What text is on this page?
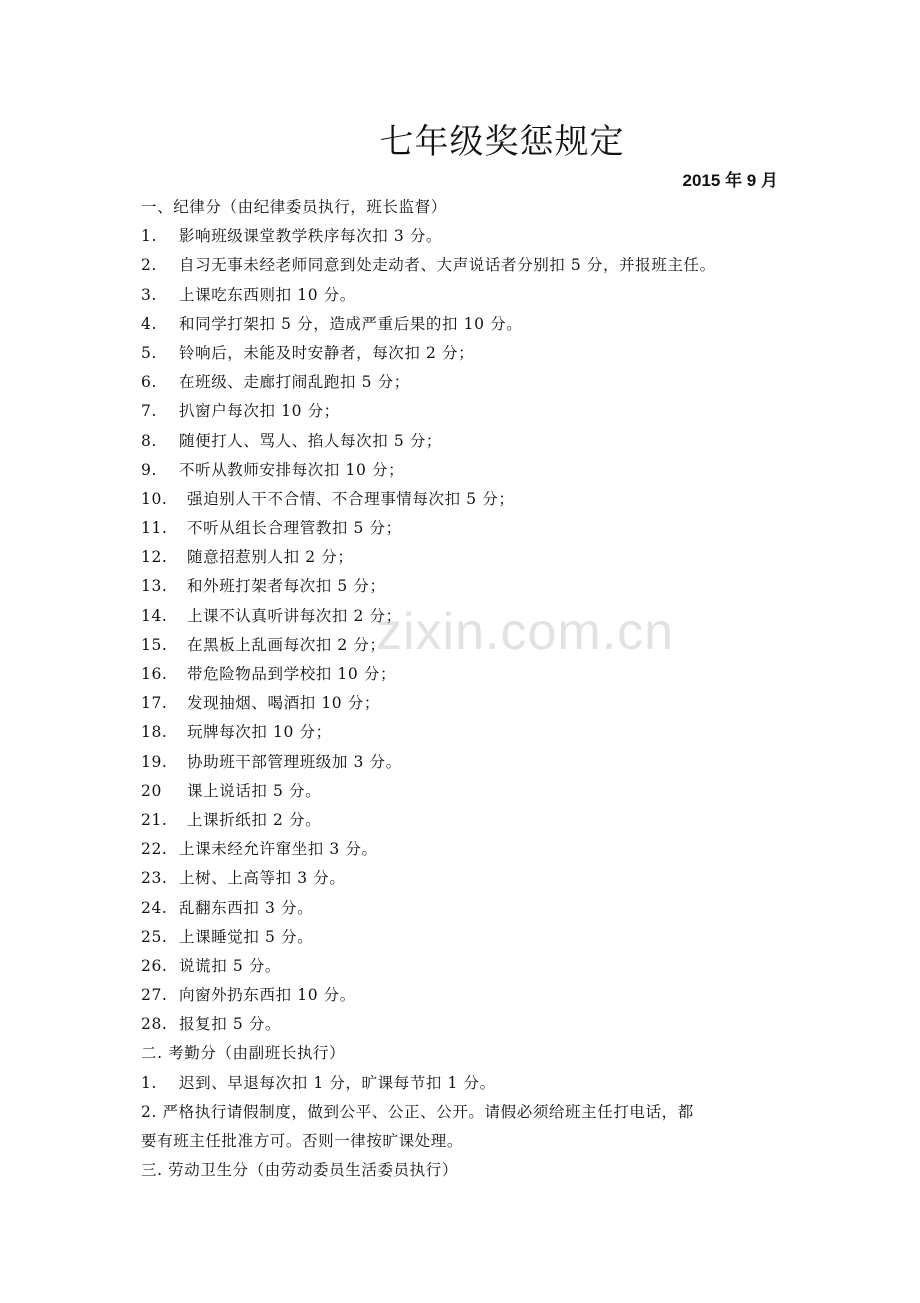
七年级奖惩规定
2015 年 9 月
一、纪律分（由纪律委员执行，班长监督）
1. 影响班级课堂教学秩序每次扣 3 分。
2. 自习无事未经老师同意到处走动者、大声说话者分别扣 5 分，并报班主任。
3. 上课吃东西则扣 10 分。
4. 和同学打架扣 5 分，造成严重后果的扣 10 分。
5. 铃响后，未能及时安静者，每次扣 2 分；
6. 在班级、走廊打闹乱跑扣 5 分；
7. 扒窗户每次扣 10 分；
8. 随便打人、骂人、掐人每次扣 5 分；
9. 不听从教师安排每次扣 10 分；
10. 强迫别人干不合情、不合理事情每次扣 5 分；
11. 不听从组长合理管教扣 5 分；
12. 随意招惹别人扣 2 分；
13. 和外班打架者每次扣 5 分；
14. 上课不认真听讲每次扣 2 分；
15. 在黑板上乱画每次扣 2 分；
16. 带危险物品到学校扣 10 分；
17. 发现抽烟、喝酒扣 10 分；
18. 玩牌每次扣 10 分；
19. 协助班干部管理班级加 3 分。
20 课上说话扣 5 分。
21. 上课折纸扣 2 分。
22. 上课未经允许窜坐扣 3 分。
23. 上树、上高等扣 3 分。
24. 乱翻东西扣 3 分。
25. 上课睡觉扣 5 分。
26. 说谎扣 5 分。
27. 向窗外扔东西扣 10 分。
28. 报复扣 5 分。
二. 考勤分（由副班长执行）
1. 迟到、早退每次扣 1 分，旷课每节扣 1 分。
2. 严格执行请假制度，做到公平、公正、公开。请假必须给班主任打电话，都
要有班主任批准方可。否则一律按旷课处理。
三. 劳动卫生分（由劳动委员生活委员执行）
zixin.com.cn
